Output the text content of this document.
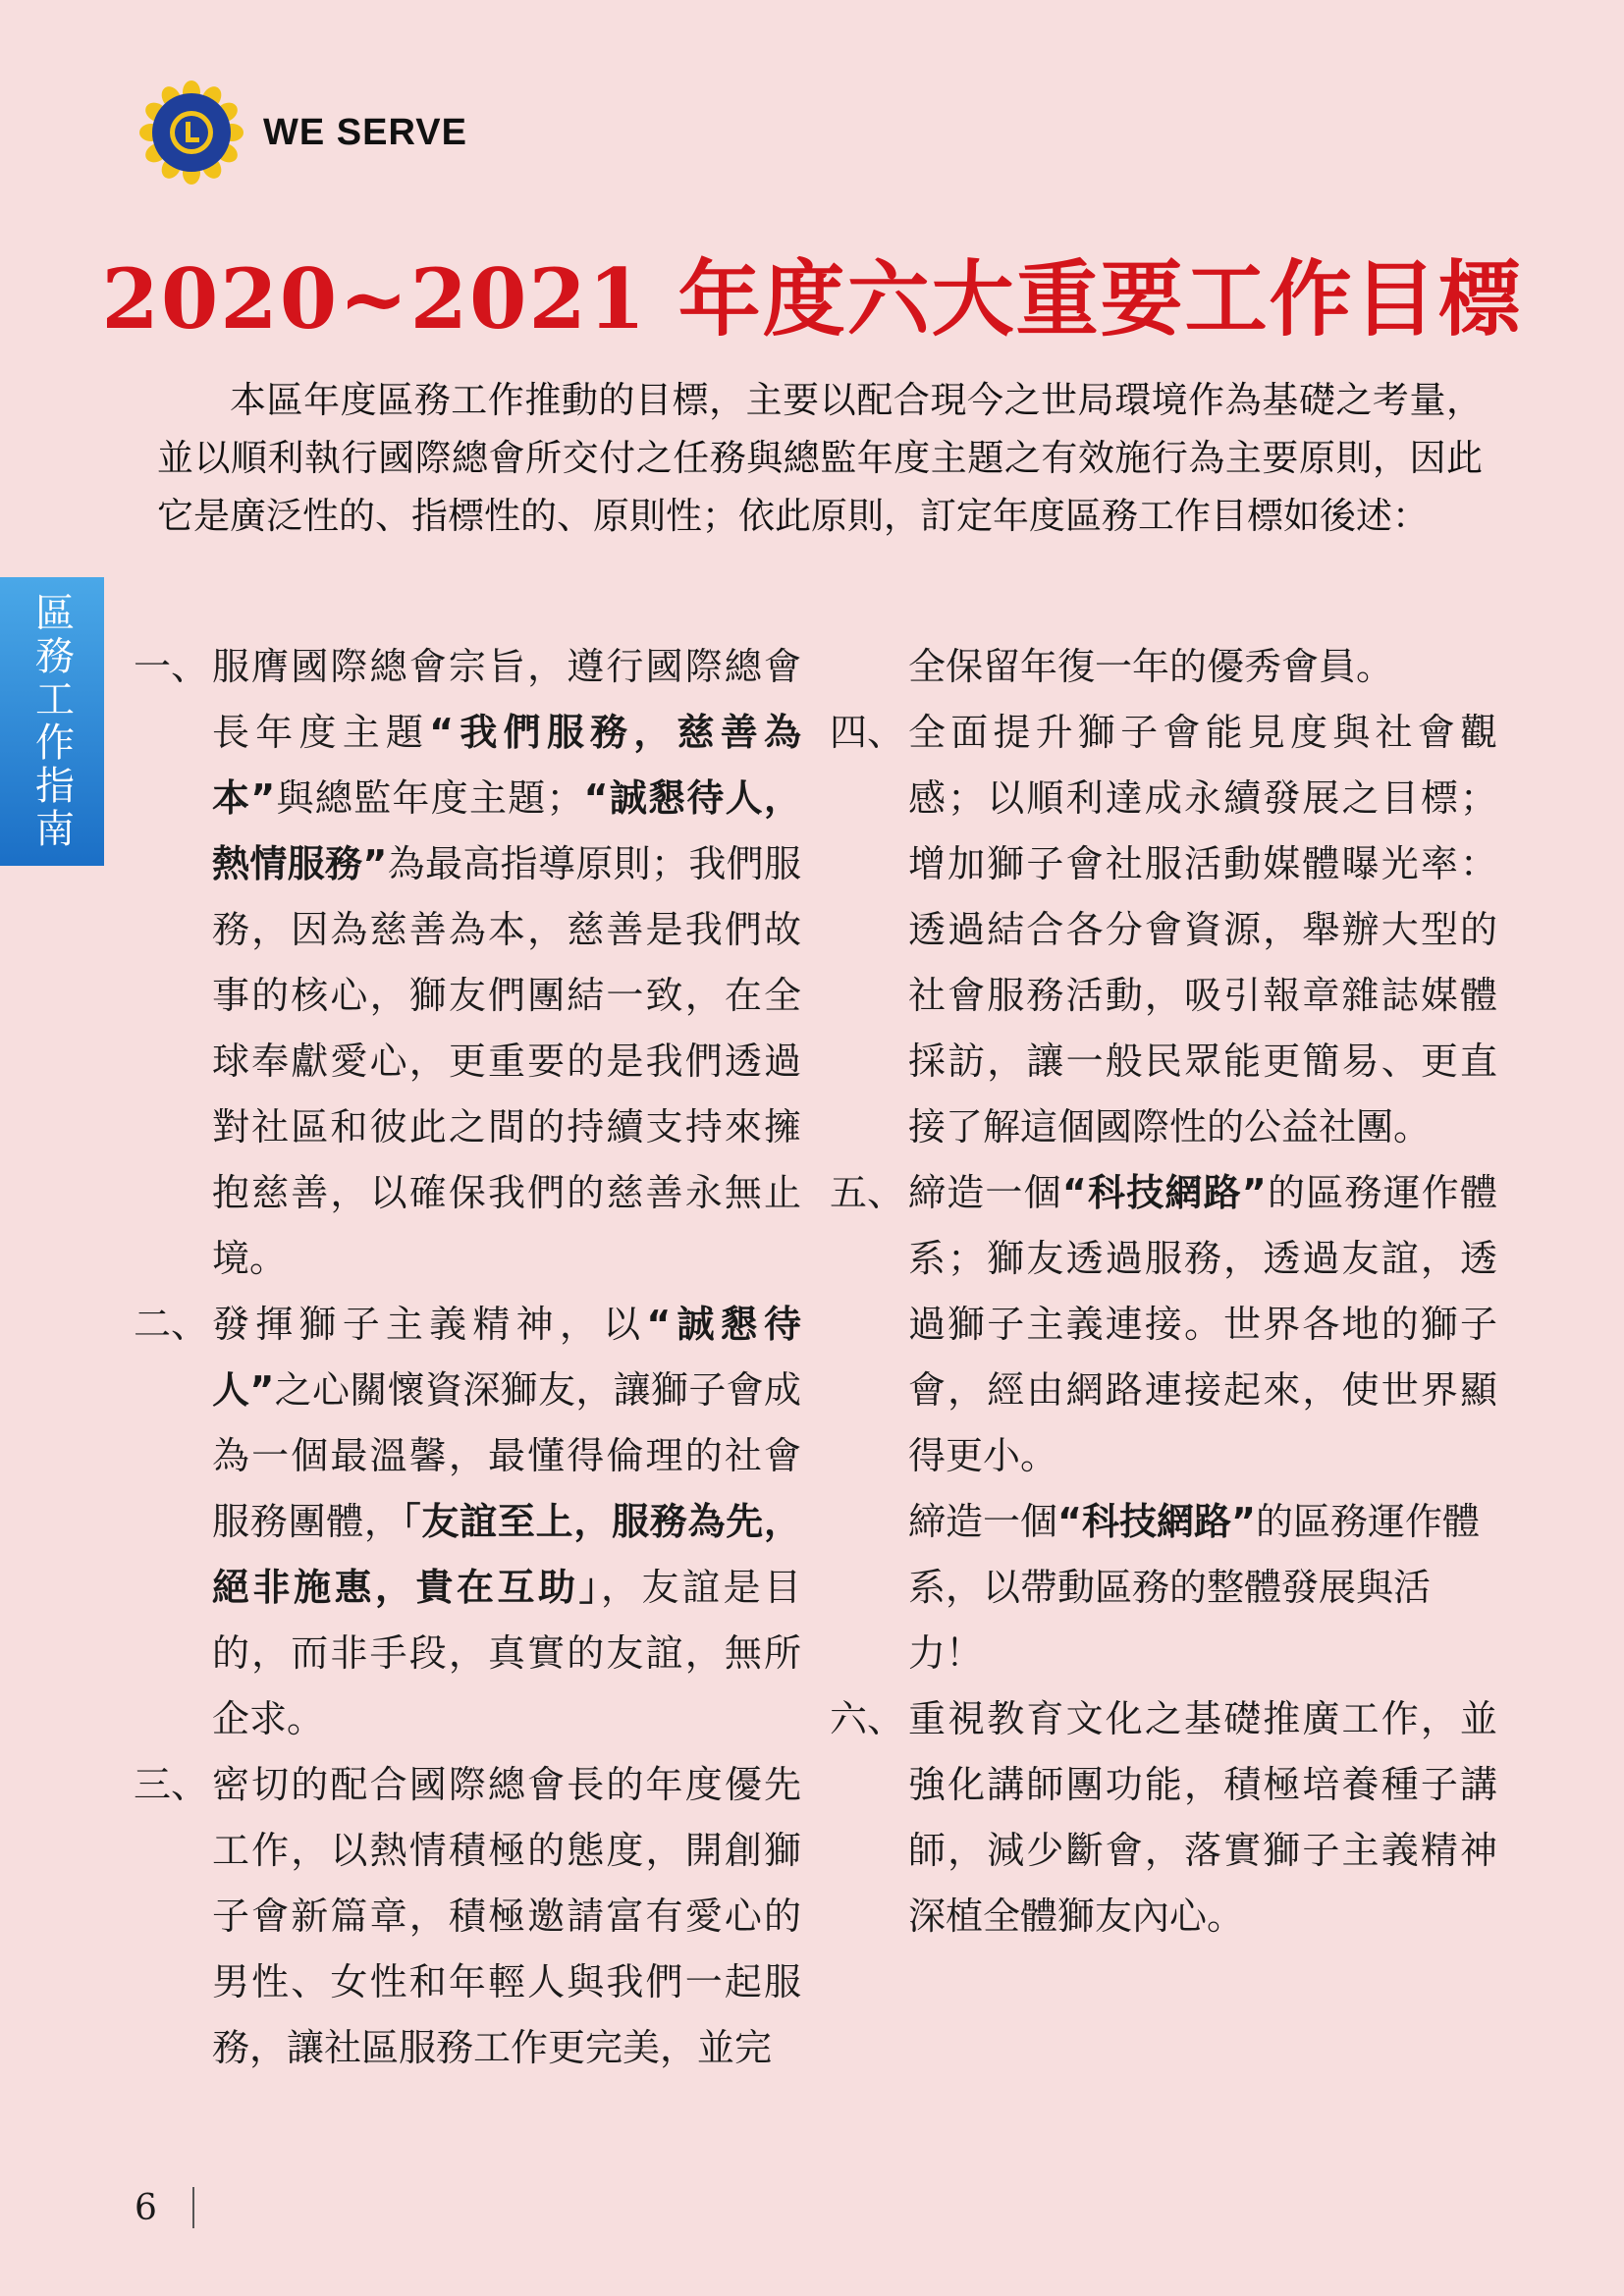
WE SERVE
2020~2021 年度六大重要工作目標

本區年度區務工作推動的目標，主要以配合現今之世局環境作為基礎之考量，並以順利執行國際總會所交付之任務與總監年度主題之有效施行為主要原則，因此它是廣泛性的、指標性的、原則性；依此原則，訂定年度區務工作目標如後述：

區務工作指南 一、 服膺國際總會宗旨，遵行國際總會長年度主題“我們服務，慈善為本”與總監年度主題；“誠懇待人，熱情服務”為最高指導原則；我們服務，因為慈善為本，慈善是我們故事的核心，獅友們團結一致，在全球奉獻愛心，更重要的是我們透過對社區和彼此之間的持續支持來擁抱慈善，以確保我們的慈善永無止境。
二、 發揮獅子主義精神，以“誠懇待人”之心關懷資深獅友，讓獅子會成為一個最溫馨，最懂得倫理的社會服務團體，「友誼至上，服務為先，絕非施惠，貴在互助」，友誼是目的，而非手段，真實的友誼，無所企求。
三、 密切的配合國際總會長的年度優先工作，以熱情積極的態度，開創獅子會新篇章，積極邀請富有愛心的男性、女性和年輕人與我們一起服務，讓社區服務工作更完美，並完
全保留年復一年的優秀會員。
四、 全面提升獅子會能見度與社會觀感；以順利達成永續發展之目標；增加獅子會社服活動媒體曝光率：透過結合各分會資源，舉辦大型的社會服務活動，吸引報章雜誌媒體採訪，讓一般民眾能更簡易、更直接了解這個國際性的公益社團。
五、 締造一個“科技網路”的區務運作體系；獅友透過服務，透過友誼，透過獅子主義連接。世界各地的獅子會，經由網路連接起來，使世界顯得更小。
締造一個“科技網路”的區務運作體系，以帶動區務的整體發展與活力！
六、 重視教育文化之基礎推廣工作，並強化講師團功能，積極培養種子講師，減少斷會，落實獅子主義精神深植全體獅友內心。
6
